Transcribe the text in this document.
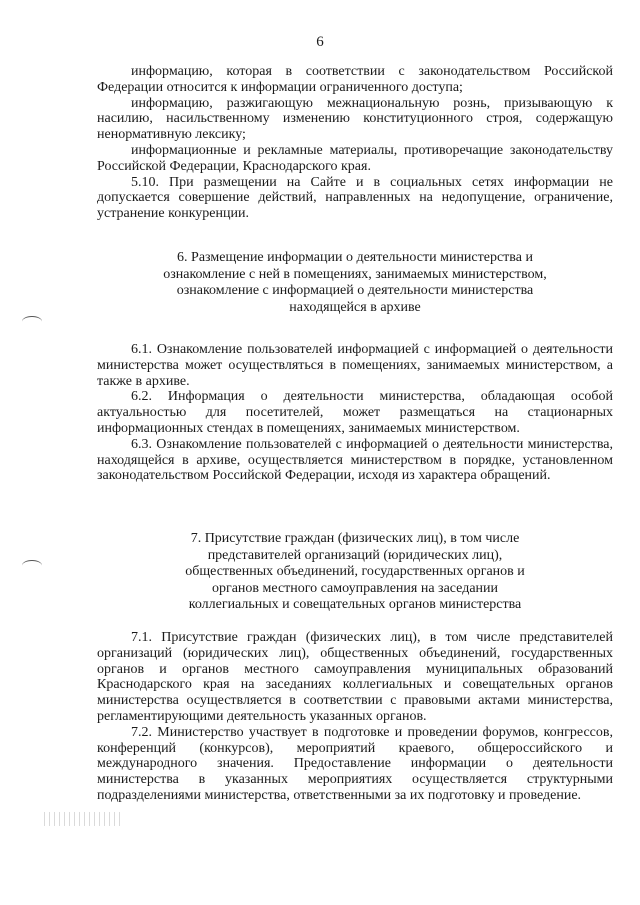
6

информацию, которая в соответствии с законодательством Российской Федерации относится к информации ограниченного доступа;

информацию, разжигающую межнациональную рознь, призывающую к насилию, насильственному изменению конституционного строя, содержащую ненормативную лексику;

информационные и рекламные материалы, противоречащие законодательству Российской Федерации, Краснодарского края.

5.10. При размещении на Сайте и в социальных сетях информации не допускается совершение действий, направленных на недопущение, ограничение, устранение конкуренции.

6. Размещение информации о деятельности министерства и
ознакомление с ней в помещениях, занимаемых министерством,
ознакомление с информацией о деятельности министерства
находящейся в архиве

6.1. Ознакомление пользователей информацией с информацией о деятельности министерства может осуществляться в помещениях, занимаемых министерством, а также в архиве.

6.2. Информация о деятельности министерства, обладающая особой актуальностью для посетителей, может размещаться на стационарных информационных стендах в помещениях, занимаемых министерством.

6.3. Ознакомление пользователей с информацией о деятельности министерства, находящейся в архиве, осуществляется министерством в порядке, установленном законодательством Российской Федерации, исходя из характера обращений.

7. Присутствие граждан (физических лиц), в том числе
представителей организаций (юридических лиц),
общественных объединений, государственных органов и
органов местного самоуправления на заседании
коллегиальных и совещательных органов министерства

7.1. Присутствие граждан (физических лиц), в том числе представителей организаций (юридических лиц), общественных объединений, государственных органов и органов местного самоуправления муниципальных образований Краснодарского края на заседаниях коллегиальных и совещательных органов министерства осуществляется в соответствии с правовыми актами министерства, регламентирующими деятельность указанных органов.

7.2. Министерство участвует в подготовке и проведении форумов, конгрессов, конференций (конкурсов), мероприятий краевого, общероссийского и международного значения. Предоставление информации о деятельности министерства в указанных мероприятиях осуществляется структурными подразделениями министерства, ответственными за их подготовку и проведение.
